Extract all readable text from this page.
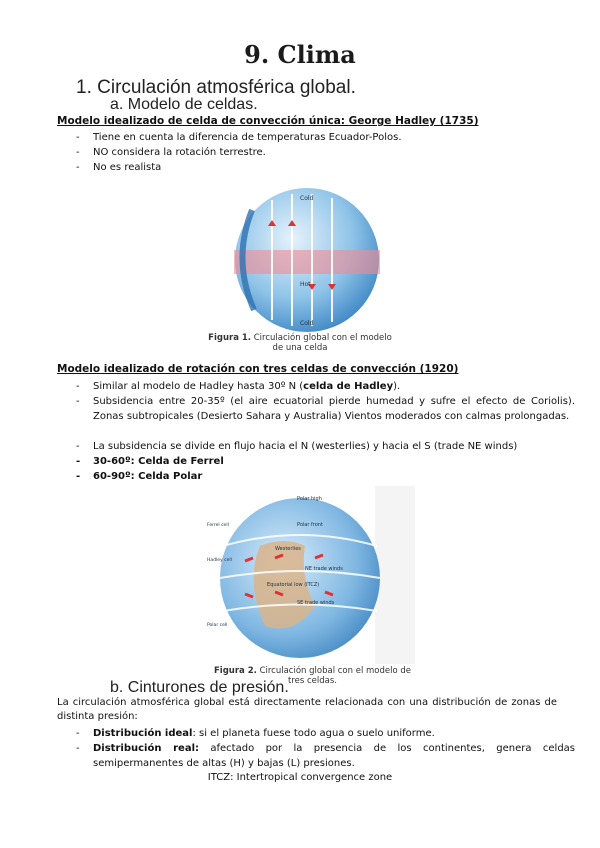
9. Clima
1. Circulación atmosférica global.
a. Modelo de celdas.
Modelo idealizado de celda de convección única: George Hadley (1735)
- Tiene en cuenta la diferencia de temperaturas Ecuador-Polos.
- NO considera la rotación terrestre.
- No es realista
Cold
Hot
Cold
Figura 1. Circulación global con el modelo
de una celda
Modelo idealizado de rotación con tres celdas de convección (1920)
- Similar al modelo de Hadley hasta 30º N (celda de Hadley).
- Subsidencia entre 20-35º (el aire ecuatorial pierde humedad y sufre el efecto de Coriolis). Zonas subtropicales (Desierto Sahara y Australia) Vientos moderados con calmas prolongadas.
- La subsidencia se divide en flujo hacia el N (westerlies) y hacia el S (trade NE winds)
- 30-60º: Celda de Ferrel
- 60-90º: Celda Polar
Polar high
Polar front
Westerlies
NE trade winds
Equatorial low (ITCZ)
SE trade winds
Ferrel cell
Hadley cell
Polar cell
Figura 2. Circulación global con el modelo de tres celdas.
b. Cinturones de presión.
La circulación atmosférica global está directamente relacionada con una distribución de zonas de distinta presión:
- Distribución ideal: si el planeta fuese todo agua o suelo uniforme.
- Distribución real: afectado por la presencia de los continentes, genera celdas semipermanentes de altas (H) y bajas (L) presiones.
ITCZ: Intertropical convergence zone
